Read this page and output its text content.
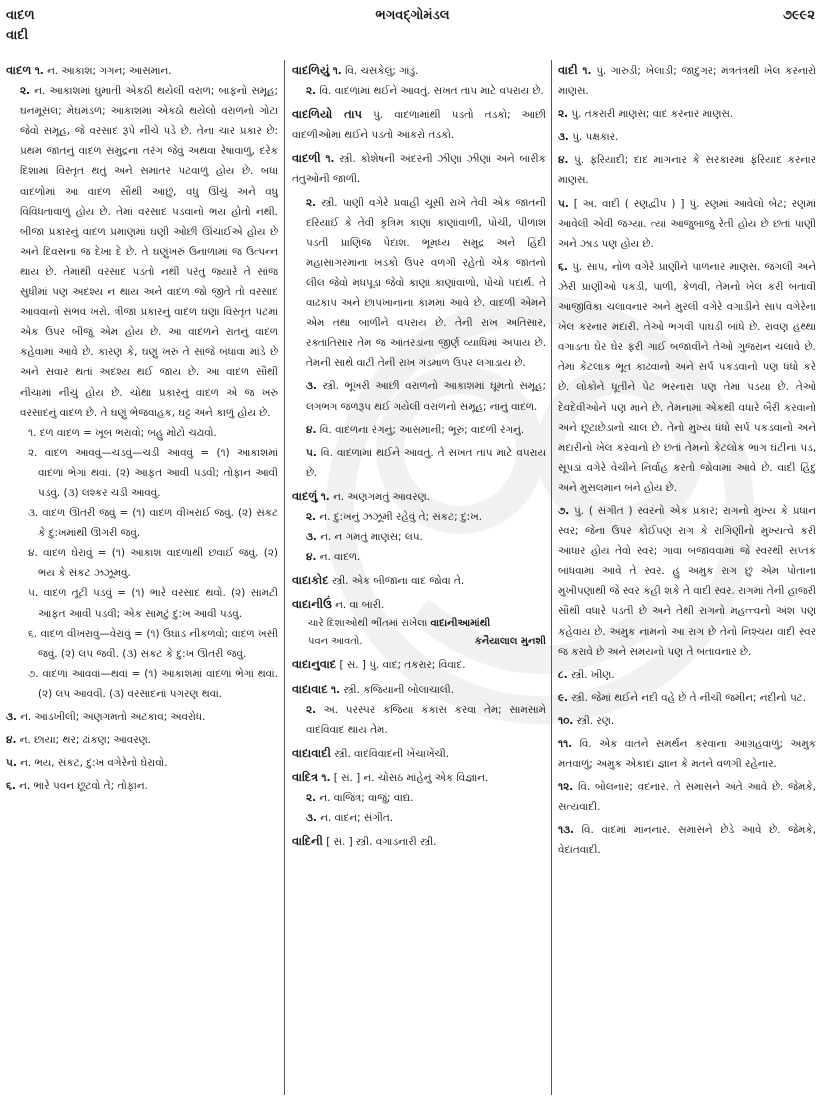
વાદળ
વાદી
ભગવદ્ગોમંડલ	૭૯૯૨

વાદળ ૧. ન. આકાશ; ગગન; આસમાન.

૨. ન. આકાશમાં ઘુમાતી એકઠી થયેલી વરાળ; બાફનો સમૂહ; ઘનમૂસલ; મેઘમંડળ; આકાશમાં એકઠો થયેલો વરાળનો ગોટા જેવો સમૂહ, જે વરસાદ રૂપે નીચે પડે છે. તેના ચાર પ્રકાર છે: પ્રથમ જાતનું વાદળ સમુદ્રના તરંગ જેવું અથવા રેષાવાળું, દરેક દિશામાં વિસ્તૃત થતું અને સમાંતર પટવાળું હોય છે. બધાં વાદળોમાં આ વાદળ સૌથી આછું, વધુ ઊંચું અને વધુ વિવિધતાવાળું હોય છે. તેમાં વરસાદ પડવાનો ભય હોતો નથી. બીજા પ્રકારનું વાદળ પ્રમાણમાં ઘણી ઓછી ઊંચાઈએ હોય છે અને દિવસના જ દેખા દે છે. તે ઘણુંખરું ઉનાળામાં જ ઉત્પન્ન થાય છે. તેમાંથી વરસાદ પડતો નથી પરંતુ જ્યારે તે સાંજ સુધીમાં પણ અદશ્ય ન થાય અને વાદળ જો જીતે તો વરસાદ આવવાનો સંભવ ખરો. ત્રીજા પ્રકારનું વાદળ ઘણા વિસ્તૃત પટમાં એક ઉપર બીજું એમ હોય છે. આ વાદળને રાતનું વાદળ કહેવામાં આવે છે. કારણ કે, ઘણું ખરું તે સાંજે બંધાવા માંડે છે અને સવાર થતાં અદશ્ય થઈ જાય છે. આ વાદળ સૌથી નીચામાં નીચું હોય છે. ચોથા પ્રકારનું વાદળ એ જ ખરું વરસાદનું વાદળ છે. તે ઘણું ભેજવાહક, ઘટ્ટ અને કાળું હોય છે.

૧. દળ વાદળ = ખૂબ ભરાવો; બહુ મોટો ચઢાવો.

૨. વાદળ આવવું—ચડવું—ચડી આવવું = (૧) આકાશમાં વાદળાં ભેગાં થવાં. (૨) આફત આવી પડવી; તોફાન આવી પડવું. (૩) લશ્કર ચડી આવવું.

૩. વાદળ ઊતરી જવું = (૧) વાદળ વીખરાઈ જવું. (૨) સંકટ કે દુ:ખમાંથી ઊગરી જવું.

૪. વાદળ ઘેરાવું = (૧) આકાશ વાદળાંથી છવાઈ જવું. (૨) ભય કે સંકટ ઝઝૂમવું.

૫. વાદળ તૂટી પડવું = (૧) ભારે વરસાદ થવો. (૨) સામટી આફત આવી પડવી; એક સામટું દુ:ખ આવી પડવું.

૬. વાદળ વીખરાવું—વેરાવું = (૧) ઉઘાડ નીકળવો; વાદળ ખસી જવું. (૨) લપ જવી. (૩) સંકટ કે દુ:ખ ઊતરી જવું.

૭. વાદળાં આવવાં—થવાં = (૧) આકાશમાં વાદળાં ભેગાં થવાં. (૨) લપ આવવી. (૩) વરસાદનાં પગરણ થવાં.

૩. ન. આડખીલી; અણગમતો અટકાવ; અવરોધ.

૪. ન. છાયા; થર; ઢાંકણ; આવરણ.

૫. ન. ભય, સંકટ, દુ:ખ વગેરેનો ઘેરાવો.

૬. ન. ભારે પવન છૂટવો તે; તોફાન.

વાદળિયું ૧. વિ. ચસકેલું; ગાંડું.

૨. વિ. વાદળાંમાં થઈને આવતું. સખત તાપ માટે વપરાય છે.

વાદળિયો તાપ પું. વાદળામાંથી પડતો તડકો; આછી વાદળીઓમાં થઈને પડતો આકરો તડકો.

વાદળી ૧. સ્ત્રી. કોશેષની અંદરની ઝીણાં ઝીણાં અને બારીક તંતુઓની જાળી.

૨. સ્ત્રી. પાણી વગેરે પ્રવાહી ચૂસી રાખે તેવી એક જાતની દરિયાઈ કે તેવી કૃત્રિમ કાણાં કાણાંવાળી, પોચી, પીળાશ પડતી પ્રાણિજ પેદાશ. ભૂમધ્ય સમુદ્ર અને હિંદી મહાસાગરમાંના ખડકો ઉપર વળગી રહેતો એક જાતનો લીલ જેવો મધપૂડા જેવો કાણાં કાણાંવાળો, પોચો પદાર્થ. તે વાઢકાપ અને છાપખાનાના કામમાં આવે છે. વાદળી એમને એમ તથા બાળીને વપરાય છે. તેની રાખ અતિસાર, રક્તાતિસાર તેમ જ આંતરડાંના જીર્ણ વ્યાધિમાં અપાય છે. તેમની સાથે વાટી તેની રાખ ગંડમાળ ઉપર લગાડાય છે.

૩. સ્ત્રી. ભૂખરી આછી વરાળનો આકાશમાં ઘૂમતો સમૂહ; લગભગ જળરૂપ થઈ ગયેલી વરાળનો સમૂહ; નાનું વાદળ.

૪. વિ. વાદળના રંગનું; આસમાની; ભૂરું; વાદળી રંગનું.

૫. વિ. વાદળામાં થઈને આવતું. તે સખત તાપ માટે વપરાય છે.

વાદળું ૧. ન. અણગમતું આવરણ.

૨. ન. દુ:ખનું ઝઝૂમી રહેવું તે; સંકટ; દુ:ખ.

૩. ન. ન ગમતું માણસ; લપ.

૪. ન. વાદળ.

વાદાકોદ સ્ત્રી. એક બીજાના વાદ જોવા તે.

વાદાનીઉં ન. વા બારી.

ચારે દિશાઓથી ભીંતમાં રાખેલા વાદાનીઆમાંથી
પવન આવતો.	કનૈયાલાલ મુનશી

વાદાનુવાદ [ સં. ] પું. વાદ; તકરાર; વિવાદ.

વાદાવાદ ૧. સ્ત્રી. કજિયાની બોલાચાલી.

૨. અ. પરસ્પર કજિયા કંકાસ કરવા તેમ; સામસામે વાદવિવાદ થાય તેમ.

વાદાવાદી સ્ત્રી. વાદવિવાદની ખેંચાખેંચી.

વાદિત્ર ૧. [ સં. ] ન. ચોસઠ માંહેનું એક વિજ્ઞાન.

૨. ન. વાજિંત્ર; વાજું; વાદ્ય.

૩. ન. વાદન; સંગીત.

વાદિની [ સં. ] સ્ત્રી. વગાડનારી સ્ત્રી.

વાદી ૧. પું. ગારુડી; ખેલાડી; જાદુગર; મંત્રતંત્રથી ખેલ કરનારો માણસ.

૨. પું. તકરારી માણસ; વાદ કરનાર માણસ.

૩. પું. પક્ષકાર.

૪. પું. ફરિયાદી; દાદ માગનાર કે સરકારમાં ફરિયાદ કરનાર માણસ.

૫. [ અ. વાદી ( રણદ્વીપ ) ] પું. રણમાં આવેલો બેટ; રણમાં આવેલી એવી જગ્યા. ત્યાં આજુબાજુ રેતી હોય છે છતાં પાણી અને ઝાડ પણ હોય છે.

૬. પું. સાપ, નોળ વગેરે પ્રાણીને પાળનાર માણસ. જંગલી અને ઝેરી પ્રાણીઓ પકડી, પાળી, કેળવી, તેમનો ખેલ કરી બતાવી આજીવિકા ચલાવનાર અને મુરલી વગેરે વગાડીને સાપ વગેરેના ખેલ કરનાર મદારી. તેઓ ભગવી પાઘડી બાંધે છે. રાવણ હથ્થા વગાડતા ઘેર ઘેર ફરી ગાઈ બજાવીને તેઓ ગુજરાન ચલાવે છે. તેમાં કેટલાક ભૂત કાઢવાનો અને સર્પ પકડવાનો પણ ધંધો કરે છે. લોકોને ધૂતીને પેટ ભરનારા પણ તેમાં પડયા છે. તેઓ દેવદેવીઓને પણ માને છે. તેમનામાં એકથી વધારે બૈરી કરવાનો અને છૂટાછેડાનો ચાલ છે. તેનો મુખ્ય ધંધો સર્પ પકડવાનો અને મદારીનો ખેલ કરવાનો છે છતાં તેમનો કેટલોક ભાગ ઘંટીનાં પડ, સૂપડાં વગેરે વેચીને નિર્વાહ કરતો જોવામાં આવે છે. વાદી હિંદુ અને મુસલમાન બંને હોય છે.

૭. પું. ( સંગીત ) સ્વરનો એક પ્રકાર; રાગનો મુખ્ય કે પ્રધાન સ્વર; જેના ઉપર કોઈપણ રાગ કે રાગિણીનો મુખ્યત્વે કરી આધાર હોય તેવો સ્વર; ગાવા બજાવવામાં જે સ્વરથી સપ્તક બાંધવામાં આવે તે સ્વર. હું અમુક રાગ છું એમ પોતાના મુખીપણાથી જે સ્વર કહી શકે તે વાદી સ્વર. રાગમાં તેની હાજરી સૌથી વધારે પડતી છે અને તેથી રાગનો મહત્ત્વનો અંશ પણ કહેવાય છે. અમુક નામનો આ રાગ છે તેનો નિશ્ચય વાદી સ્વર જ કરાવે છે અને સમયનો પણ તે બતાવનાર છે.

૮. સ્ત્રી. ખીણ.

૯. સ્ત્રી. જેમાં થઈને નદી વહે છે તે નીચી જમીન; નદીનો પટ.

૧૦. સ્ત્રી. રણ.

૧૧. વિ. એક વાતને સમર્થન કરવાના આગ્રહવાળું; અમુક મતવાળું; અમુક એકાદા જ્ઞાન કે મતને વળગી રહેનાર.

૧૨. વિ. બોલનાર; વદનાર. તે સમાસને અંતે આવે છે. જેમકે, સત્યવાદી.

૧૩. વિ. વાદમાં માનનાર. સમાસને છેડે આવે છે. જેમકે, વેદાંતવાદી.
